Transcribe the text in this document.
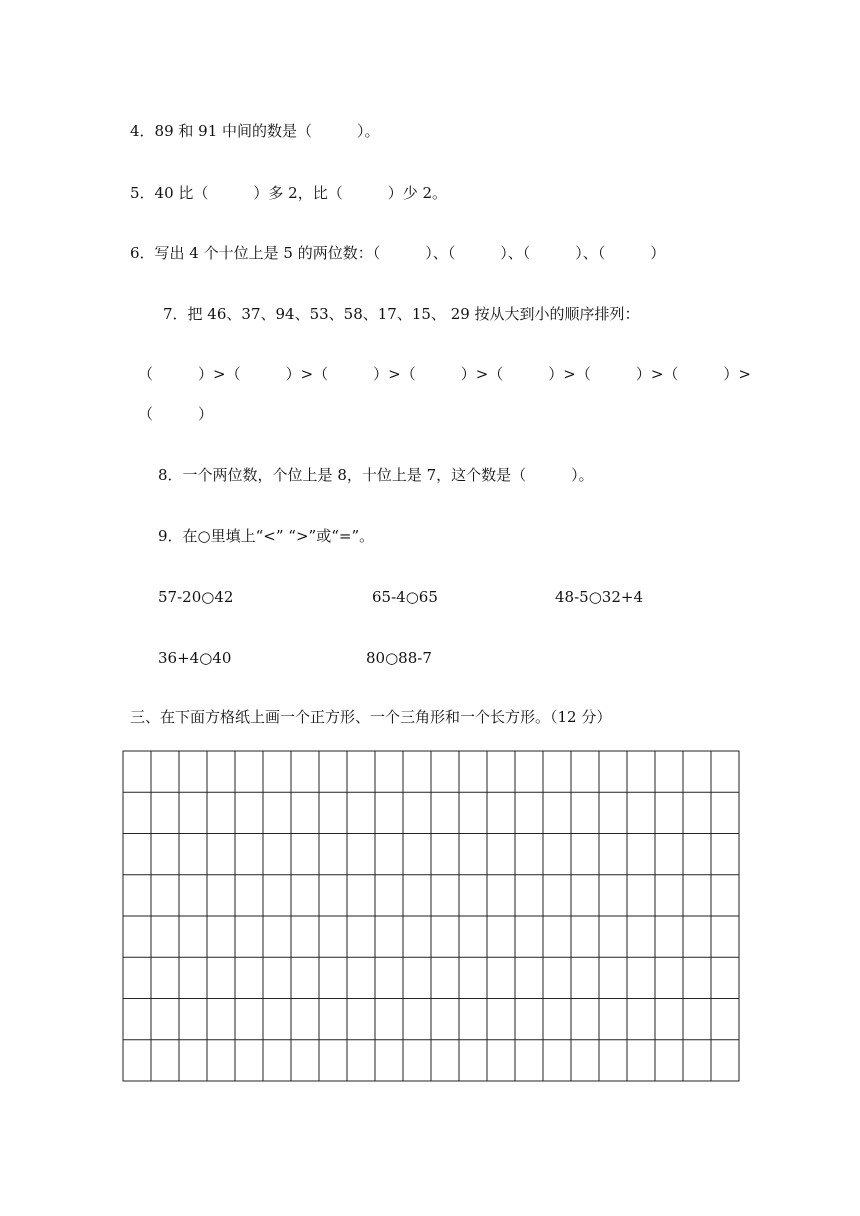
4．89 和 91 中间的数是（　　　）。
5．40 比（　　　）多 2，比（　　　）少 2。
6．写出 4 个十位上是 5 的两位数：（　　　）、（　　　）、（　　　）、（　　　）
7．把 46、37、94、53、58、17、15、 29 按从大到小的顺序排列：
（　　　）>（　　　）>（　　　）>（　　　）>（　　　）>（　　　）>（　　　）>
（　　　）
8．一个两位数，个位上是 8，十位上是 7，这个数是（　　　）。
9．在○里填上“<” “>”或“=”。
57-20○42	65-4○65	48-5○32+4
36+4○40	80○88-7
三、在下面方格纸上画一个正方形、一个三角形和一个长方形。（12 分）
